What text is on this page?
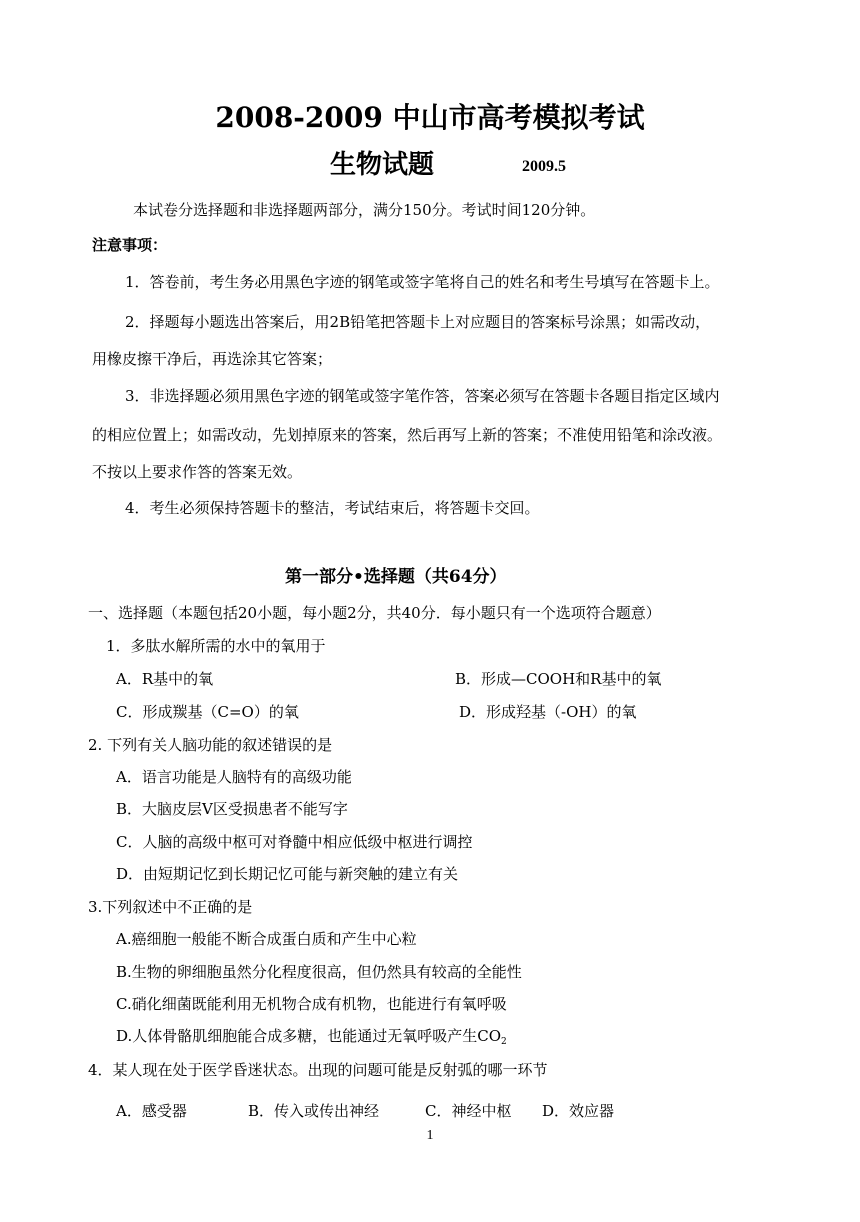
2008-2009 中山市高考模拟考试
生物试题	2009.5
本试卷分选择题和非选择题两部分，满分150分。考试时间120分钟。
注意事项：
1．答卷前，考生务必用黑色字迹的钢笔或签字笔将自己的姓名和考生号填写在答题卡上。
2．择题每小题选出答案后，用2B铅笔把答题卡上对应题目的答案标号涂黑；如需改动，
用橡皮擦干净后，再选涂其它答案；
3．非选择题必须用黑色字迹的钢笔或签字笔作答，答案必须写在答题卡各题目指定区域内
的相应位置上；如需改动，先划掉原来的答案，然后再写上新的答案；不准使用铅笔和涂改液。
不按以上要求作答的答案无效。
4．考生必须保持答题卡的整洁，考试结束后，将答题卡交回。
第一部分•选择题（共64分）
一、选择题（本题包括20小题，每小题2分，共40分．每小题只有一个选项符合题意）
1．多肽水解所需的水中的氧用于
A．R基中的氧	B．形成—COOH和R基中的氧
C．形成羰基（C=O）的氧	D．形成羟基（-OH）的氧
2. 下列有关人脑功能的叙述错误的是
A．语言功能是人脑特有的高级功能
B．大脑皮层Ⅴ区受损患者不能写字
C．人脑的高级中枢可对脊髓中相应低级中枢进行调控
D．由短期记忆到长期记忆可能与新突触的建立有关
3.下列叙述中不正确的是
A.癌细胞一般能不断合成蛋白质和产生中心粒
B.生物的卵细胞虽然分化程度很高，但仍然具有较高的全能性
C.硝化细菌既能利用无机物合成有机物，也能进行有氧呼吸
D.人体骨骼肌细胞能合成多糖，也能通过无氧呼吸产生$CO_2$
4．某人现在处于医学昏迷状态。出现的问题可能是反射弧的哪一环节
A．感受器	B．传入或传出神经	C．神经中枢 D．效应器
1
